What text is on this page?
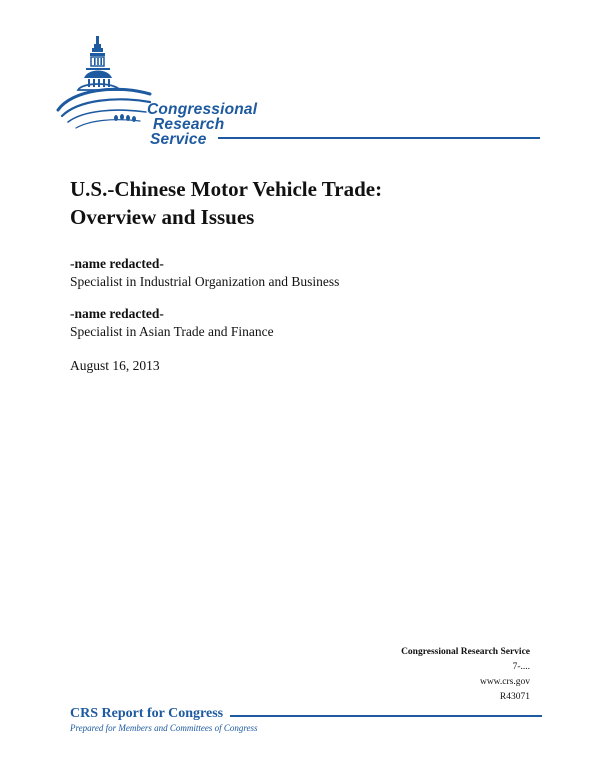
Congressional
Research
Service
U.S.-Chinese Motor Vehicle Trade:
Overview and Issues
-name redacted-
Specialist in Industrial Organization and Business
-name redacted-
Specialist in Asian Trade and Finance
August 16, 2013
Congressional Research Service
7-....
www.crs.gov
R43071
CRS Report for Congress
Prepared for Members and Committees of Congress
